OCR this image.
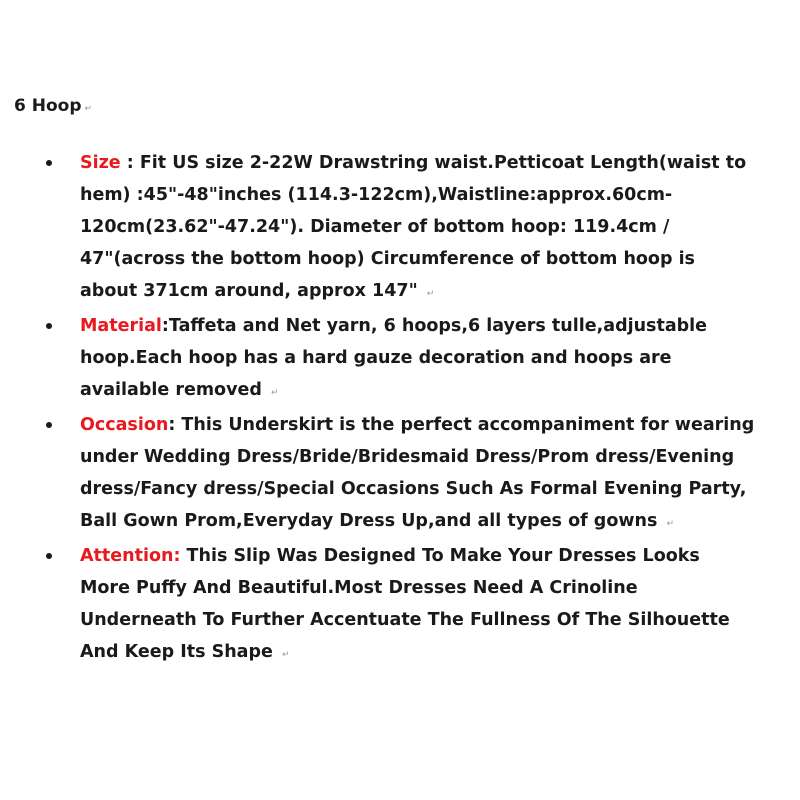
6 Hoop ↵
Size : Fit US size 2-22W Drawstring waist.Petticoat Length(waist to
hem) :45"-48"inches (114.3-122cm),Waistline:approx.60cm-
120cm(23.62"-47.24"). Diameter of bottom hoop: 119.4cm /
47"(across the bottom hoop) Circumference of bottom hoop is
about 371cm around, approx 147" ↵
Material:Taffeta and Net yarn, 6 hoops,6 layers tulle,adjustable
hoop.Each hoop has a hard gauze decoration and hoops are
available removed ↵
Occasion: This Underskirt is the perfect accompaniment for wearing
under Wedding Dress/Bride/Bridesmaid Dress/Prom dress/Evening
dress/Fancy dress/Special Occasions Such As Formal Evening Party,
Ball Gown Prom,Everyday Dress Up,and all types of gowns ↵
Attention: This Slip Was Designed To Make Your Dresses Looks
More Puffy And Beautiful.Most Dresses Need A Crinoline
Underneath To Further Accentuate The Fullness Of The Silhouette
And Keep Its Shape ↵
